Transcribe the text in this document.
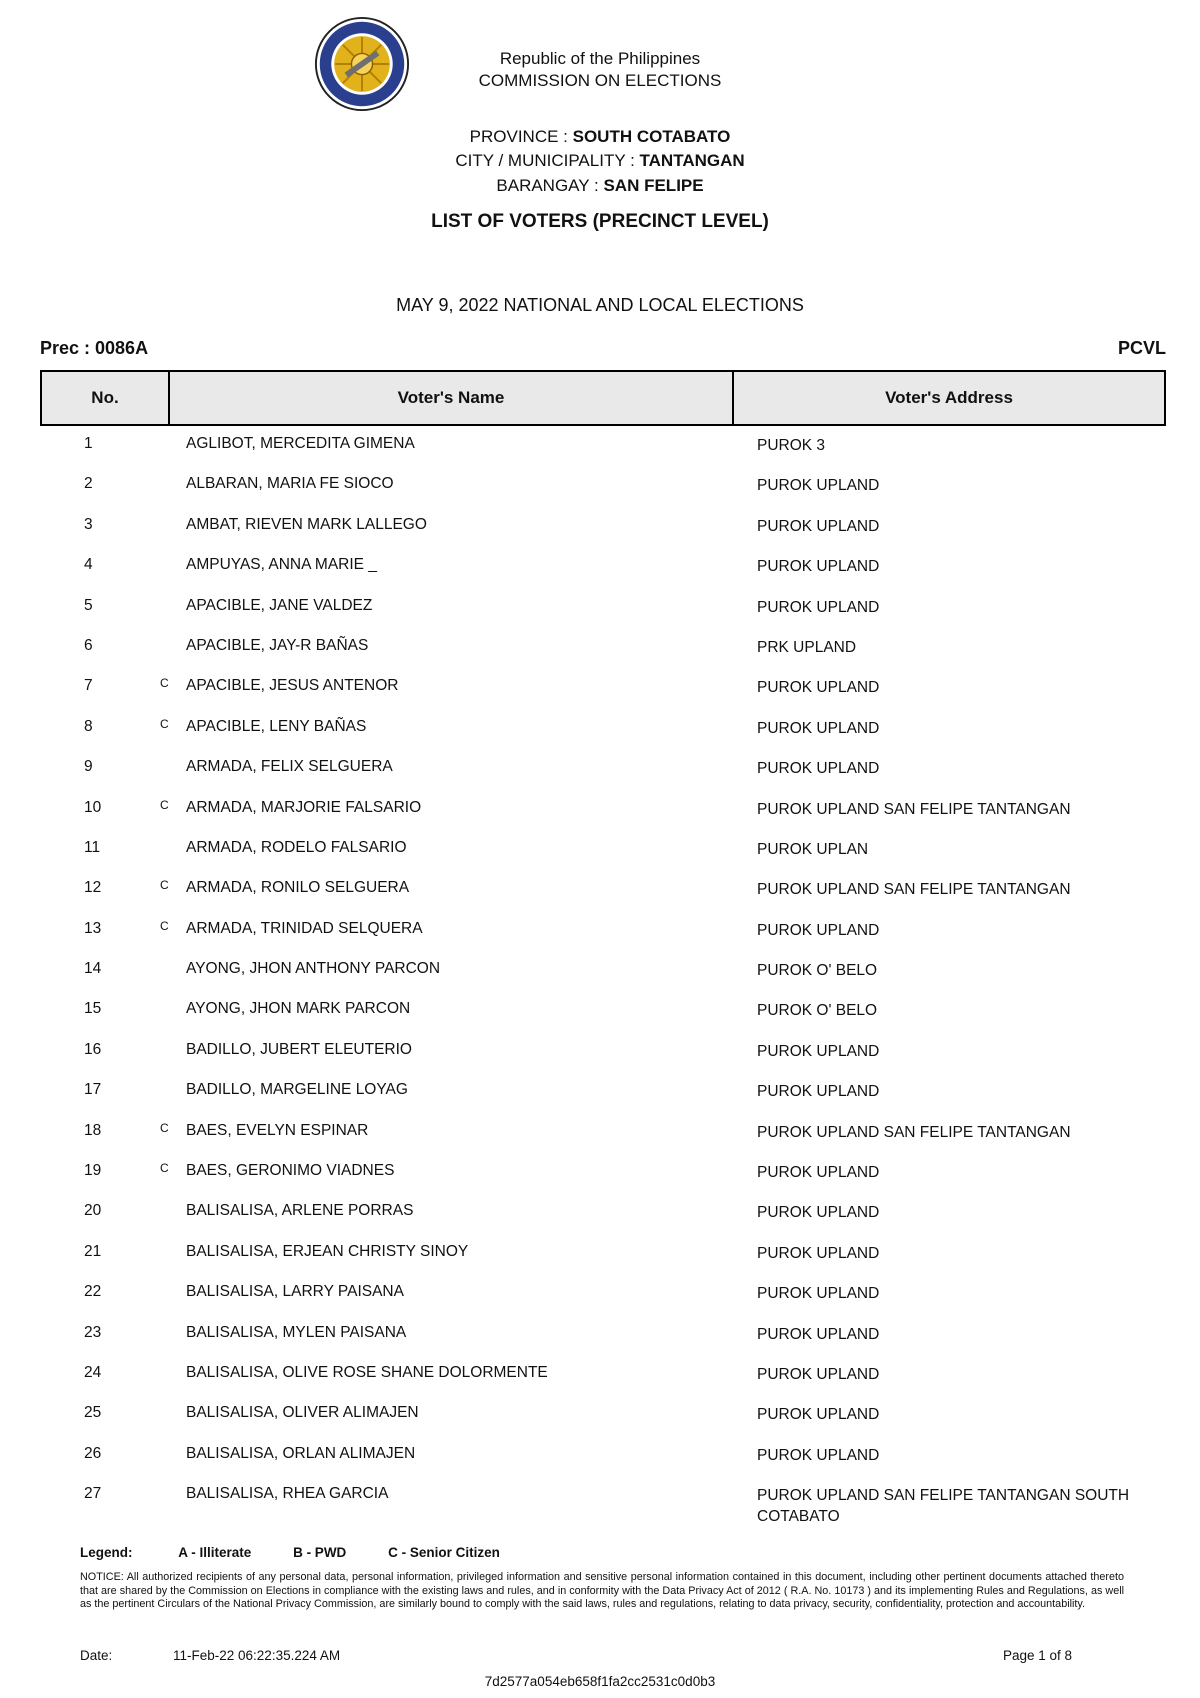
Republic of the Philippines
COMMISSION ON ELECTIONS
PROVINCE : SOUTH COTABATO
CITY / MUNICIPALITY : TANTANGAN
BARANGAY : SAN FELIPE
LIST OF VOTERS (PRECINCT LEVEL)
MAY 9, 2022 NATIONAL AND LOCAL ELECTIONS
Prec : 0086A	PCVL
No.	Voter's Name	Voter's Address
1	AGLIBOT, MERCEDITA GIMENA	PUROK 3
2	ALBARAN, MARIA FE SIOCO	PUROK UPLAND
3	AMBAT, RIEVEN MARK LALLEGO	PUROK UPLAND
4	AMPUYAS, ANNA MARIE _	PUROK UPLAND
5	APACIBLE, JANE VALDEZ	PUROK UPLAND
6	APACIBLE, JAY-R BAÑAS	PRK UPLAND
7	C APACIBLE, JESUS ANTENOR	PUROK UPLAND
8	C APACIBLE, LENY BAÑAS	PUROK UPLAND
9	ARMADA, FELIX SELGUERA	PUROK UPLAND
10	C ARMADA, MARJORIE FALSARIO	PUROK UPLAND SAN FELIPE TANTANGAN
11	ARMADA, RODELO FALSARIO	PUROK UPLAN
12	C ARMADA, RONILO SELGUERA	PUROK UPLAND SAN FELIPE TANTANGAN
13	C ARMADA, TRINIDAD SELQUERA	PUROK UPLAND
14	AYONG, JHON ANTHONY PARCON	PUROK O' BELO
15	AYONG, JHON MARK PARCON	PUROK O' BELO
16	BADILLO, JUBERT ELEUTERIO	PUROK UPLAND
17	BADILLO, MARGELINE LOYAG	PUROK UPLAND
18	C BAES, EVELYN ESPINAR	PUROK UPLAND SAN FELIPE TANTANGAN
19	C BAES, GERONIMO VIADNES	PUROK UPLAND
20	BALISALISA, ARLENE PORRAS	PUROK UPLAND
21	BALISALISA, ERJEAN CHRISTY SINOY	PUROK UPLAND
22	BALISALISA, LARRY PAISANA	PUROK UPLAND
23	BALISALISA, MYLEN PAISANA	PUROK UPLAND
24	BALISALISA, OLIVE ROSE SHANE DOLORMENTE	PUROK UPLAND
25	BALISALISA, OLIVER ALIMAJEN	PUROK UPLAND
26	BALISALISA, ORLAN ALIMAJEN	PUROK UPLAND
27	BALISALISA, RHEA GARCIA	PUROK UPLAND SAN FELIPE TANTANGAN SOUTH COTABATO
Legend:	A - Illiterate	B - PWD	C - Senior Citizen
NOTICE: All authorized recipients of any personal data, personal information, privileged information and sensitive personal information contained in this document, including other pertinent documents attached thereto that are shared by the Commission on Elections in compliance with the existing laws and rules, and in conformity with the Data Privacy Act of 2012 ( R.A. No. 10173 ) and its implementing Rules and Regulations, as well as the pertinent Circulars of the National Privacy Commission, are similarly bound to comply with the said laws, rules and regulations, relating to data privacy, security, confidentiality, protection and accountability.
Date:	11-Feb-22 06:22:35.224 AM	Page 1 of 8
7d2577a054eb658f1fa2cc2531c0d0b3
